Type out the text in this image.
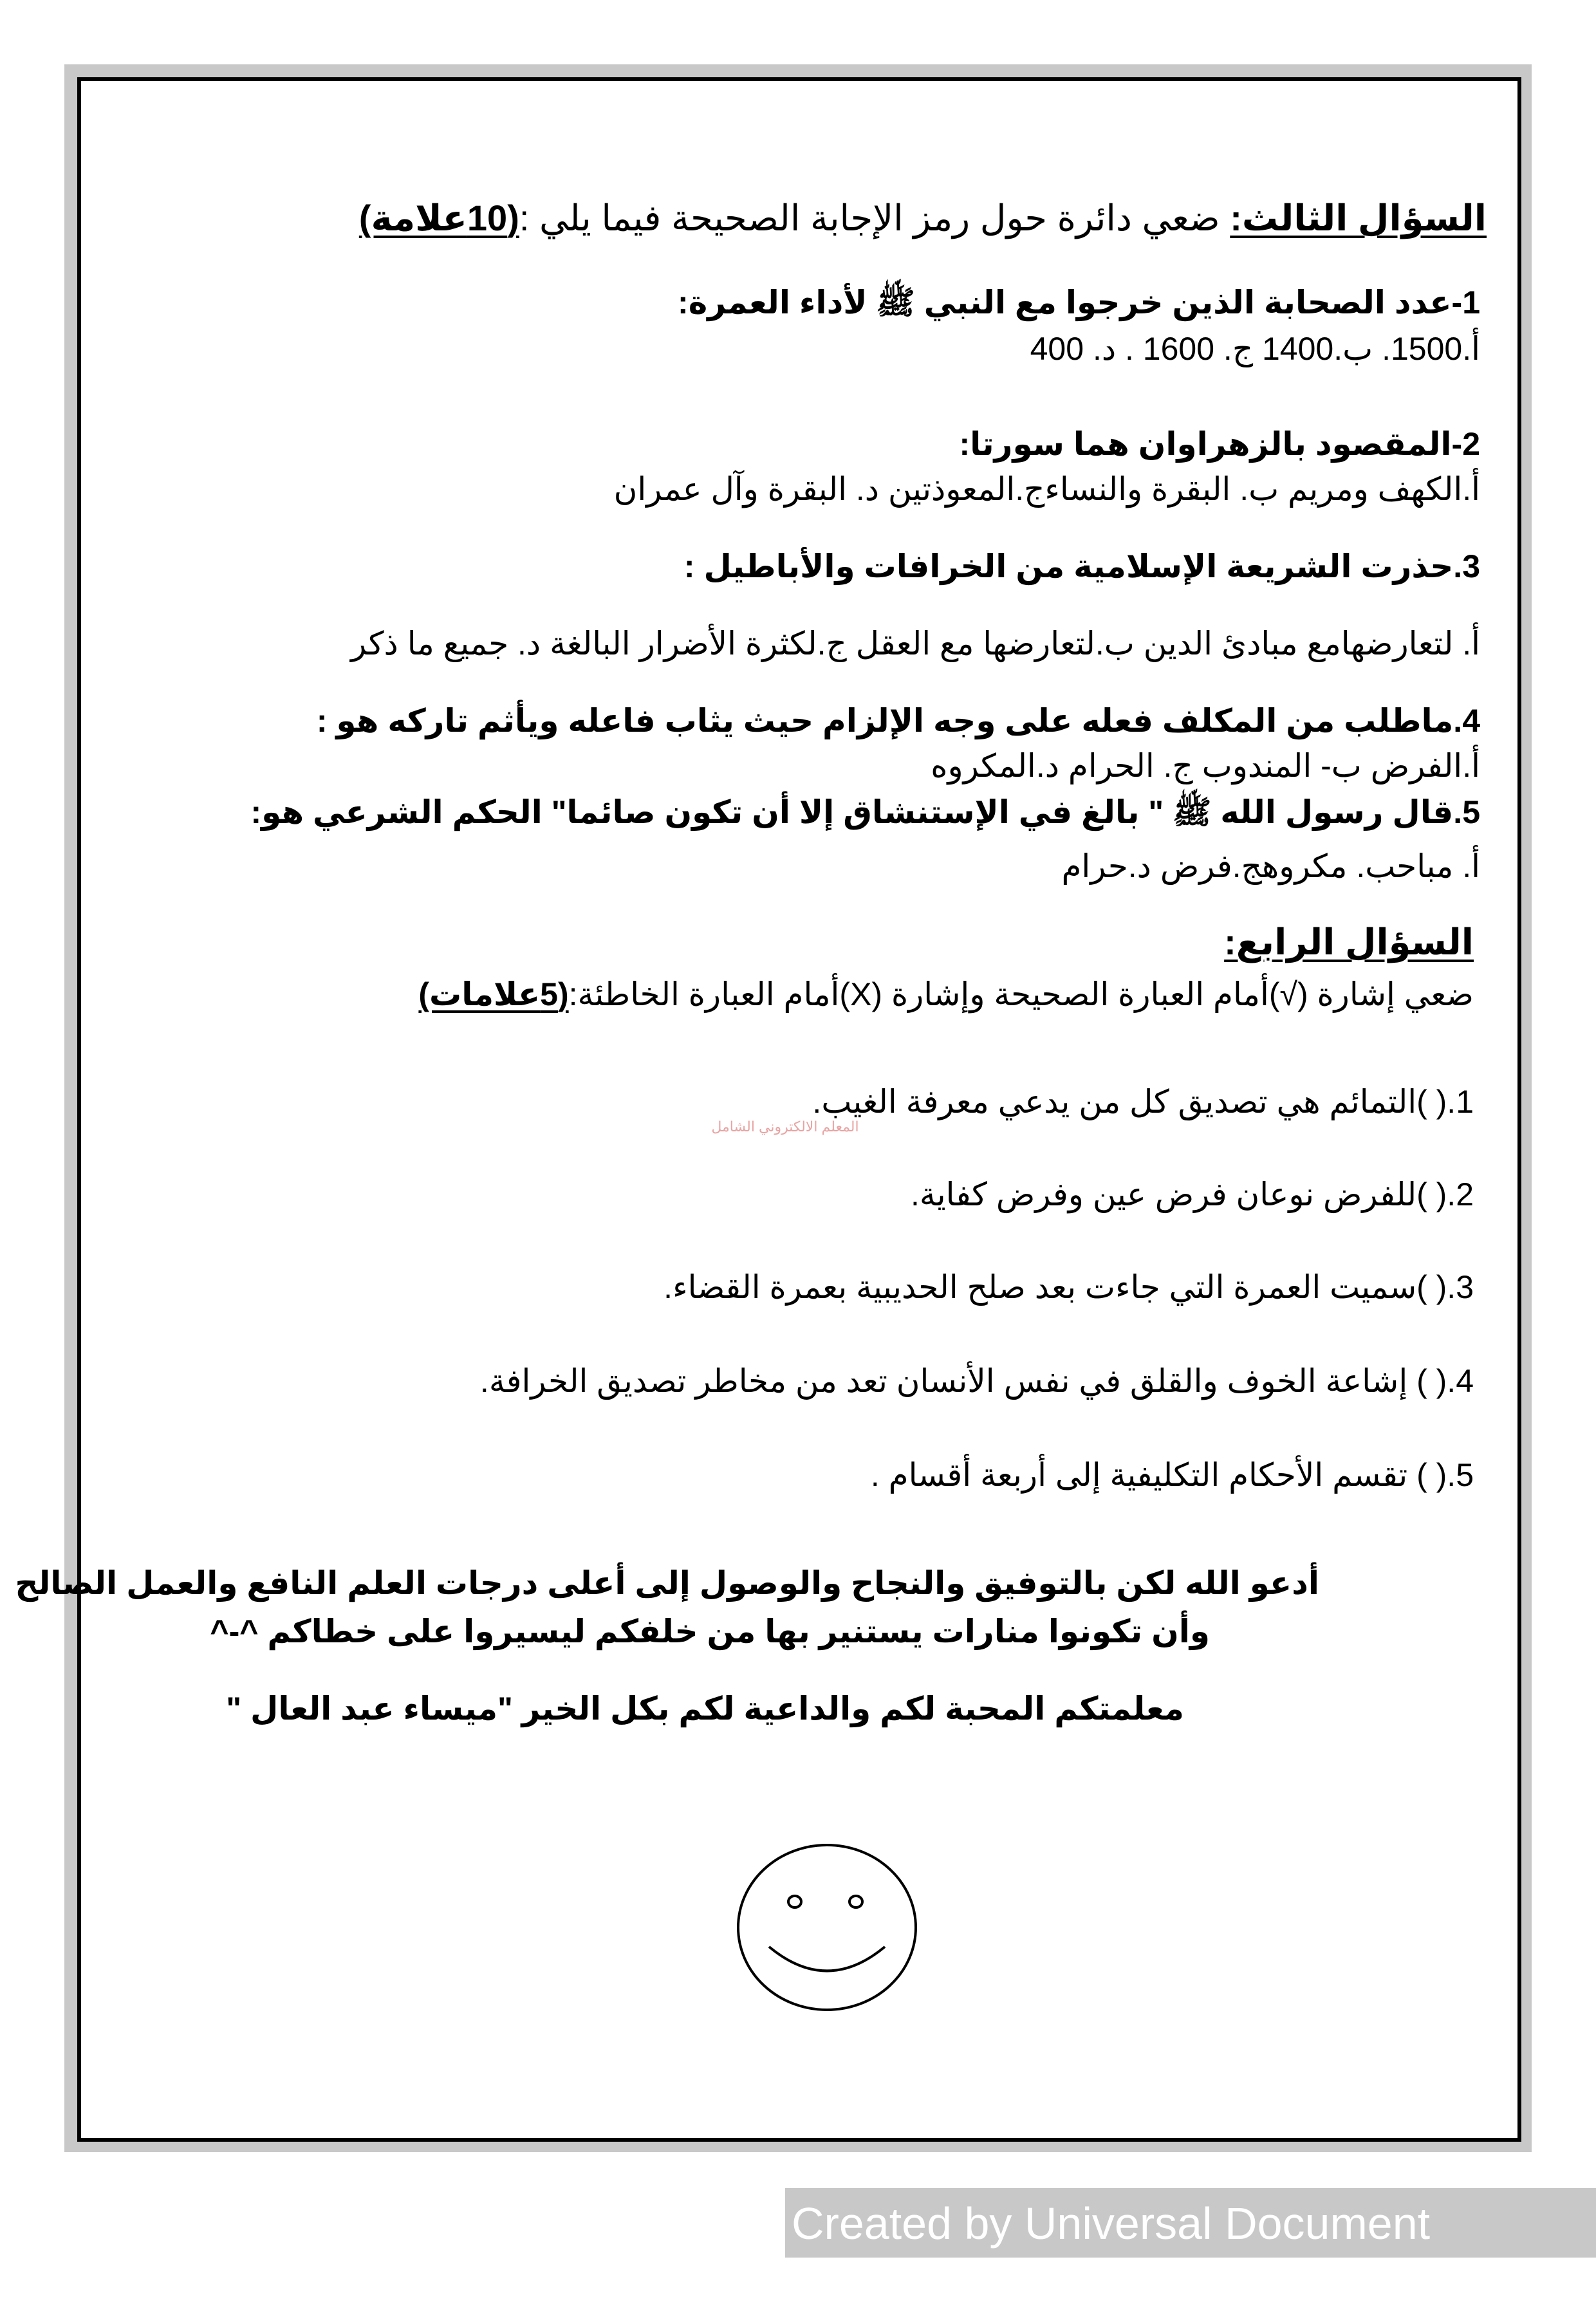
السؤال الثالث: ضعي دائرة حول رمز الإجابة الصحيحة فيما يلي :(10علامة)
1-عدد الصحابة الذين خرجوا مع النبي ﷺ لأداء العمرة:
أ.1500. ب.1400 ج. 1600 . د. 400
2-المقصود بالزهراوان هما سورتا:
أ.الكهف ومريم ب. البقرة والنساءج.المعوذتين د. البقرة وآل عمران
3.حذرت الشريعة الإسلامية من الخرافات والأباطيل :
أ. لتعارضهامع مبادئ الدين ب.لتعارضها مع العقل ج.لكثرة الأضرار البالغة د. جميع ما ذكر
4.ماطلب من المكلف فعله على وجه الإلزام حيث يثاب فاعله ويأثم تاركه هو :
أ.الفرض ب- المندوب ج. الحرام د.المكروه
5.قال رسول الله ﷺ " بالغ في الإستنشاق إلا أن تكون صائما" الحكم الشرعي هو:
أ. مباحب. مكروهج.فرض د.حرام
السؤال الرابع:
ضعي إشارة (√)أمام العبارة الصحيحة وإشارة (X)أمام العبارة الخاطئة:(5علامات)
1.( )التمائم هي تصديق كل من يدعي معرفة الغيب.
المعلم الالكتروني الشامل
2.( )للفرض نوعان فرض عين وفرض كفاية.
3.( )سميت العمرة التي جاءت بعد صلح الحديبية بعمرة القضاء.
4.( ) إشاعة الخوف والقلق في نفس الأنسان تعد من مخاطر تصديق الخرافة.
5.( ) تقسم الأحكام التكليفية إلى أربعة أقسام .
أدعو الله لكن بالتوفيق والنجاح والوصول إلى أعلى درجات العلم النافع والعمل الصالح
وأن تكونوا منارات يستنير بها من خلفكم ليسيروا على خطاكم ^-^
معلمتكم المحبة لكم والداعية لكم بكل الخير "ميساء عبد العال "
Created by Universal Document Converter
